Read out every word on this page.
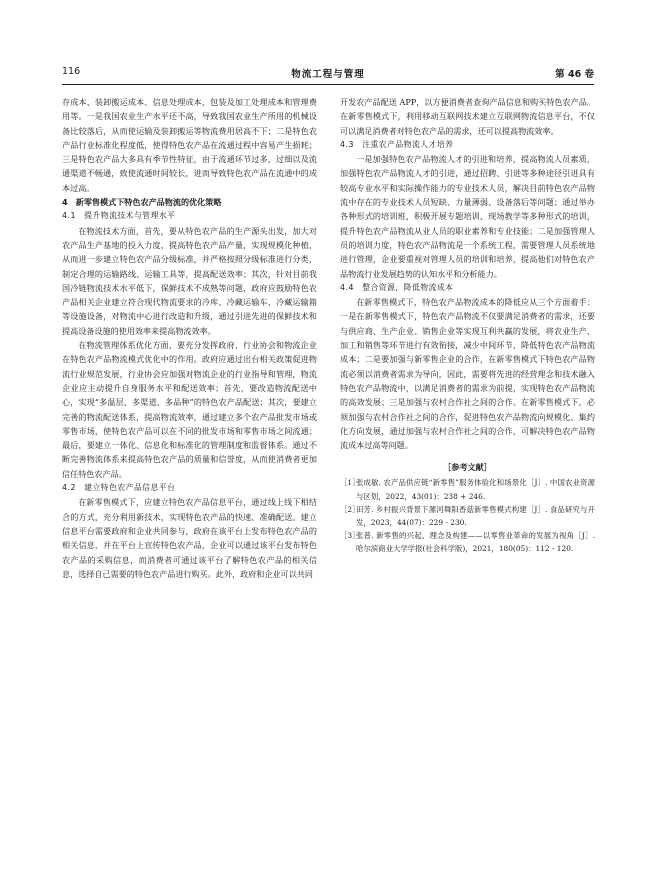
116	物流工程与管理	第 46 卷

存成本、装卸搬运成本、信息处理成本、包装及加工处理成本和管理费用等。一是我国农业生产水平还不高，导致我国农业生产所用的机械设备比较落后，从而使运输及装卸搬运等物流费用居高不下；二是特色农产品行业标准化程度低，使得特色农产品在流通过程中容易产生损耗；三是特色农产品大多具有季节性特征，由于流通环节过多，过细以及流通渠道不畅通，致使流通时间较长，进而导致特色农产品在流通中的成本过高。

4　新零售模式下特色农产品物流的优化策略
4.1　提升物流技术与管理水平

在物流技术方面，首先，要从特色农产品的生产源头出发，加大对农产品生产基地的投入力度，提高特色农产品产量，实现规模化种植，从而进一步建立特色农产品分级标准，并严格按照分级标准进行分类，制定合理的运输路线、运输工具等，提高配送效率；其次，针对目前我国冷链物流技术水平低下，保鲜技术不成熟等问题，政府应鼓励特色农产品相关企业建立符合现代物流要求的冷库、冷藏运输车、冷藏运输箱等设施设备，对物流中心进行改造和升级，通过引进先进的保鲜技术和提高设备设施的使用效率来提高物流效率。

在物流管理体系优化方面，要充分发挥政府、行业协会和物流企业在特色农产品物流模式优化中的作用。政府应通过出台相关政策促进物流行业规范发展，行业协会应加强对物流企业的行业指导和管理，物流企业应主动提升自身服务水平和配送效率；首先，要改造物流配送中心，实现“多温层、多渠道、多品种”的特色农产品配送；其次，要建立完善的物流配送体系，提高物流效率，通过建立多个农产品批发市场或零售市场，使特色农产品可以在不同的批发市场和零售市场之间流通；最后，要建立一体化、信息化和标准化的管理制度和监督体系。通过不断完善物流体系来提高特色农产品的质量和信誉度，从而使消费者更加信任特色农产品。

4.2　建立特色农产品信息平台

在新零售模式下，应建立特色农产品信息平台，通过线上线下相结合的方式，充分利用新技术，实现特色农产品的快速、准确配送。建立信息平台需要政府和企业共同参与，政府在该平台上发布特色农产品的相关信息，并在平台上宣传特色农产品，企业可以通过该平台发布特色农产品的采购信息，而消费者可通过该平台了解特色农产品的相关信息，选择自己需要的特色农产品进行购买。此外，政府和企业可以共同

开发农产品配送 APP，以方便消费者查询产品信息和购买特色农产品。在新零售模式下，利用移动互联网技术建立互联网物流信息平台，不仅可以满足消费者对特色农产品的需求，还可以提高物流效率。

4.3　注重农产品物流人才培养

一是加强特色农产品物流人才的引进和培养，提高物流人员素质，加强特色农产品物流人才的引进，通过招聘、引进等多种途径引进具有较高专业水平和实际操作能力的专业技术人员，解决目前特色农产品物流中存在的专业技术人员短缺、力量薄弱、设备落后等问题；通过举办各种形式的培训班，积极开展专题培训、现场教学等多种形式的培训，提升特色农产品物流从业人员的职业素养和专业技能；二是加强管理人员的培训力度，特色农产品物流是一个系统工程，需要管理人员系统地进行管理，企业要重视对管理人员的培训和培养，提高他们对特色农产品物流行业发展趋势的认知水平和分析能力。

4.4　整合资源，降低物流成本

在新零售模式下，特色农产品物流成本的降低应从三个方面着手：一是在新零售模式下，特色农产品物流不仅要满足消费者的需求，还要与供应商、生产企业、销售企业等实现互利共赢的发展，将农业生产、加工和销售等环节进行有效衔接，减少中间环节，降低特色农产品物流成本；二是要加强与新零售企业的合作，在新零售模式下特色农产品物流必须以消费者需求为导向，因此，需要将先进的经营理念和技术融入特色农产品物流中，以满足消费者的需求为前提，实现特色农产品物流的高效发展；三是加强与农村合作社之间的合作。在新零售模式下，必须加强与农村合作社之间的合作，促进特色农产品物流向规模化、集约化方向发展，通过加强与农村合作社之间的合作，可解决特色农产品物流成本过高等问题。

［参考文献］
［1］
张成敏. 农产品供应链“新零售”服务体验化和场景化［J］. 中国农业资源与区划，2022，43(01)：238 + 246.
［2］
田芳. 乡村振兴背景下漯河舞阳香菇新零售模式构建［J］. 食品研究与开发，2023，44(07)：229 - 230.
［3］
张普. 新零售的兴起、理念及构建——以零售业革命的发展为视角［J］. 哈尔滨商业大学学报(社会科学版)，2021，180(05)：112 - 120.
